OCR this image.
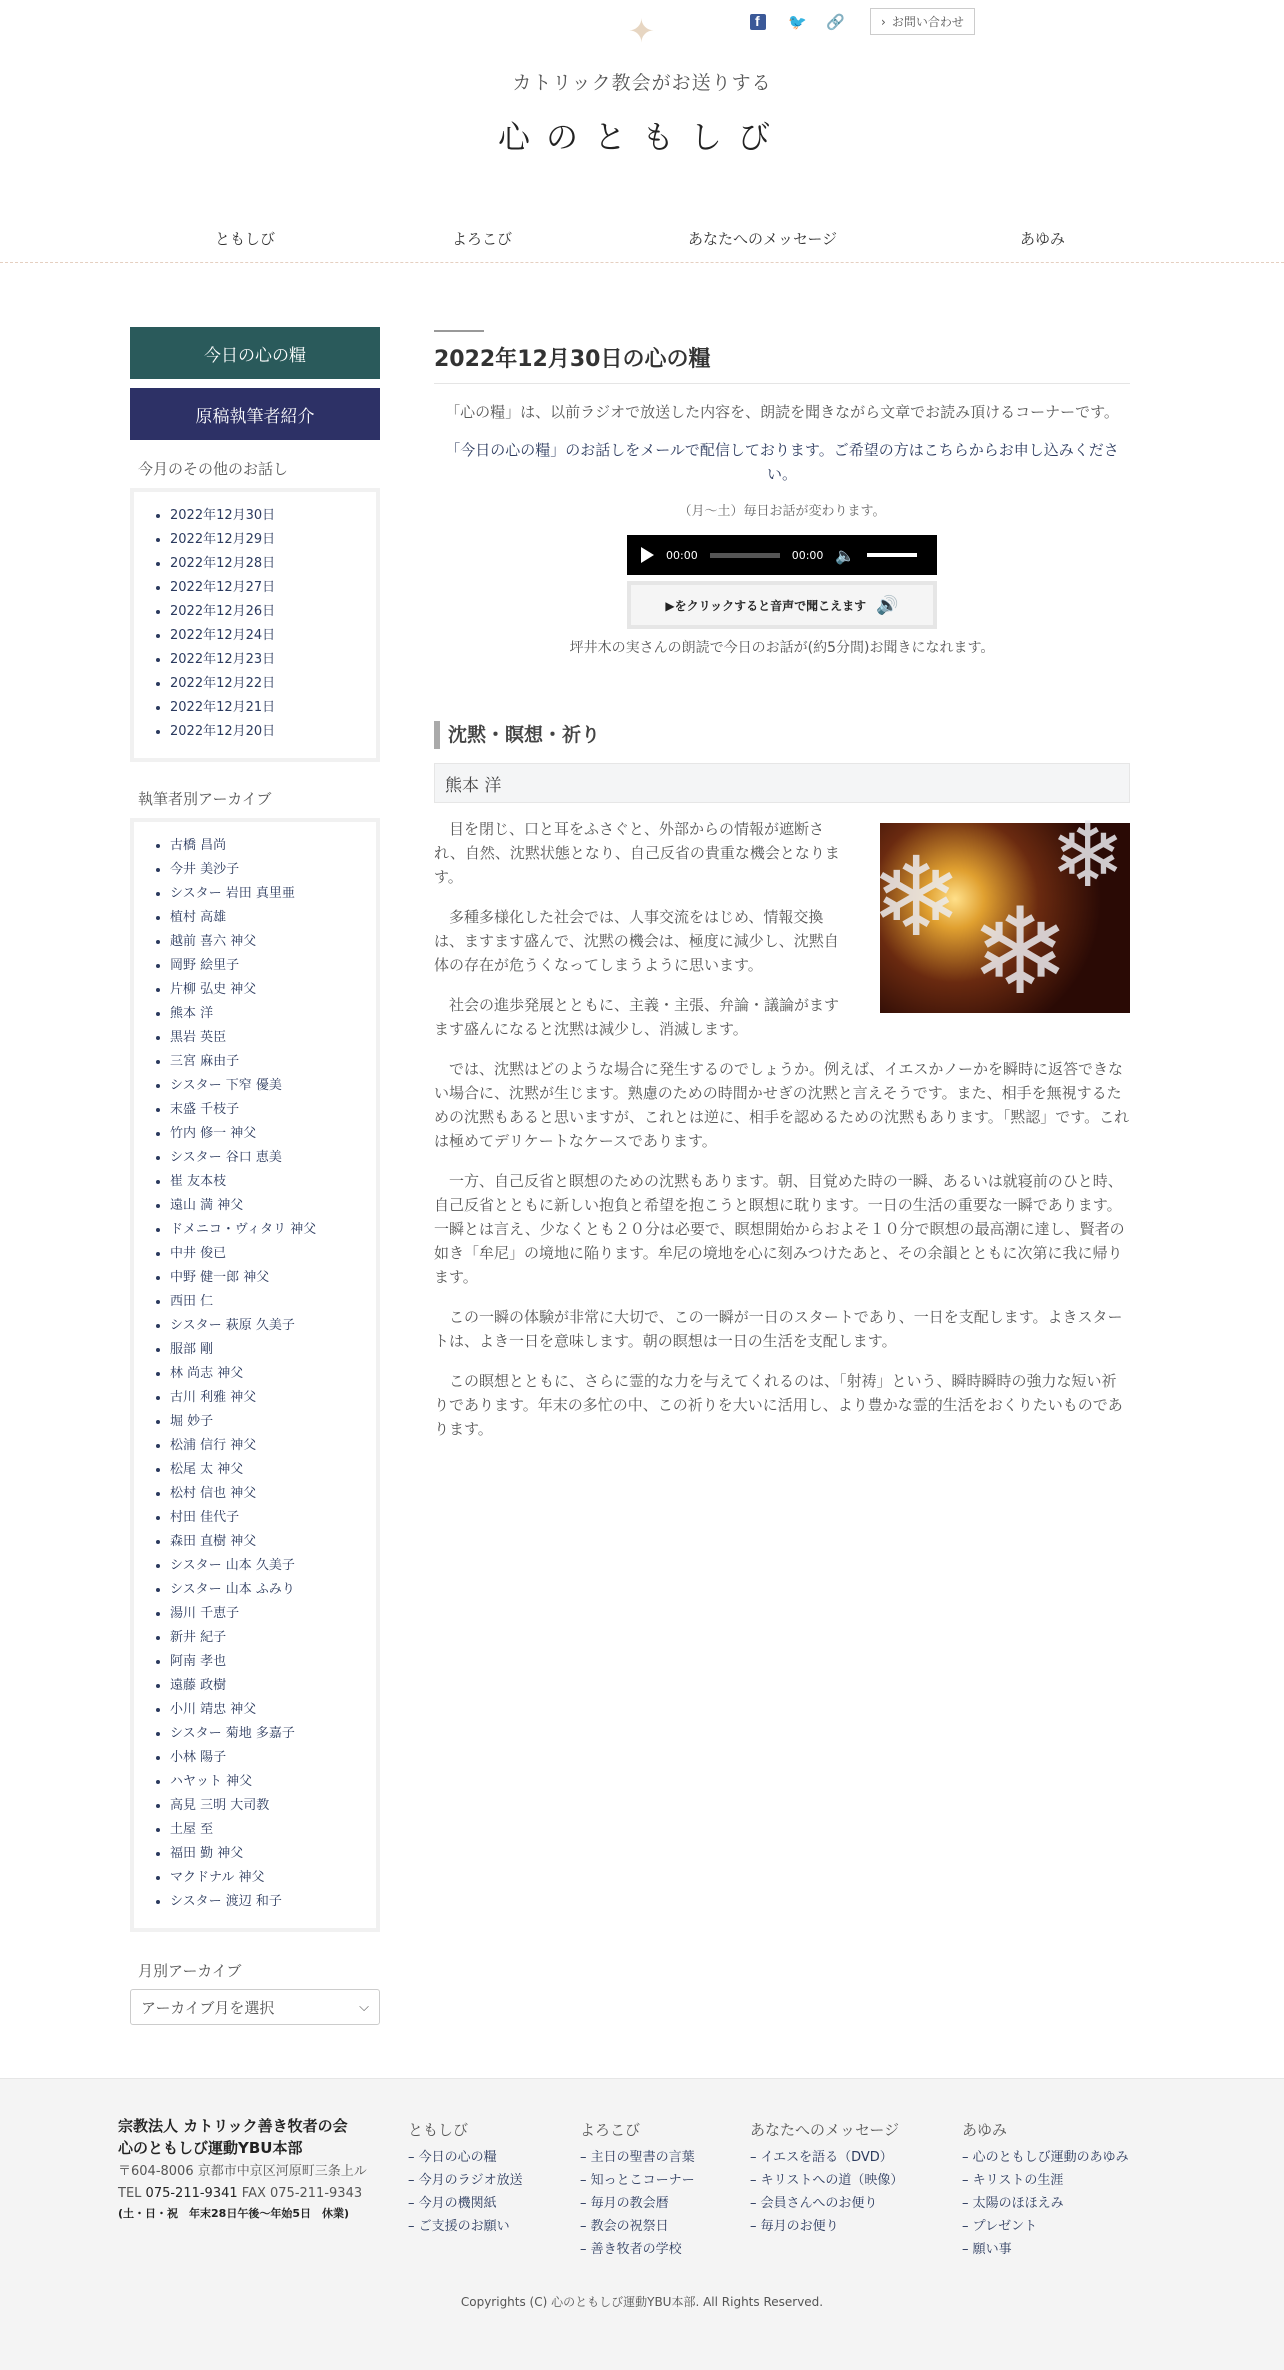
✦
f	🐦 🔗	› お問い合わせ
カトリック教会がお送りする
心のともしび
ともしび	よろこび	あなたへのメッセージ	あゆみ
今日の心の糧
原稿執筆者紹介
今月のその他のお話し
• 2022年12月30日
• 2022年12月29日
• 2022年12月28日
• 2022年12月27日
• 2022年12月26日
• 2022年12月24日
• 2022年12月23日
• 2022年12月22日
• 2022年12月21日
• 2022年12月20日
執筆者別アーカイブ
• 古橋 昌尚
• 今井 美沙子
• シスター 岩田 真里亜
• 植村 高雄
• 越前 喜六 神父
• 岡野 絵里子
• 片柳 弘史 神父
• 熊本 洋
• 黒岩 英臣
• 三宮 麻由子
• シスター 下窄 優美
• 末盛 千枝子
• 竹内 修一 神父
• シスター 谷口 恵美
• 崔 友本枝
• 遠山 満 神父
• ドメニコ・ヴィタリ 神父
• 中井 俊已
• 中野 健一郎 神父
• 西田 仁
• シスター 萩原 久美子
• 服部 剛
• 林 尚志 神父
• 古川 利雅 神父
• 堀 妙子
• 松浦 信行 神父
• 松尾 太 神父
• 松村 信也 神父
• 村田 佳代子
• 森田 直樹 神父
• シスター 山本 久美子
• シスター 山本 ふみり
• 湯川 千恵子
• 新井 紀子
• 阿南 孝也
• 遠藤 政樹
• 小川 靖忠 神父
• シスター 菊地 多嘉子
• 小林 陽子
• ハヤット 神父
• 高見 三明 大司教
• 土屋 至
• 福田 勤 神父
• マクドナル 神父
• シスター 渡辺 和子
月別アーカイブ
アーカイブ月を選択	⌵
2022年12月30日の心の糧

「心の糧」は、以前ラジオで放送した内容を、朗読を聞きながら文章でお読み頂けるコーナーです。

「今日の心の糧」のお話しをメールで配信しております。ご希望の方はこちらからお申し込みください。

（月～土）毎日お話が変わります。

00:00	00:00 🔈
▶をクリックすると音声で聞こえます 🔊

坪井木の実さんの朗読で今日のお話が(約5分間)お聞きになれます。

沈黙・瞑想・祈り
熊本 洋
❄ ❄
❄

目を閉じ、口と耳をふさぐと、外部からの情報が遮断され、自然、沈黙状態となり、自己反省の貴重な機会となります。

多種多様化した社会では、人事交流をはじめ、情報交換は、ますます盛んで、沈黙の機会は、極度に減少し、沈黙自体の存在が危うくなってしまうように思います。

社会の進歩発展とともに、主義・主張、弁論・議論がますます盛んになると沈黙は減少し、消滅します。

では、沈黙はどのような場合に発生するのでしょうか。例えば、イエスかノーかを瞬時に返答できない場合に、沈黙が生じます。熟慮のための時間かせぎの沈黙と言えそうです。また、相手を無視するための沈黙もあると思いますが、これとは逆に、相手を認めるための沈黙もあります。「黙認」です。これは極めてデリケートなケースであります。

一方、自己反省と瞑想のための沈黙もあります。朝、目覚めた時の一瞬、あるいは就寝前のひと時、自己反省とともに新しい抱負と希望を抱こうと瞑想に耽ります。一日の生活の重要な一瞬であります。一瞬とは言え、少なくとも２０分は必要で、瞑想開始からおよそ１０分で瞑想の最高潮に達し、賢者の如き「牟尼」の境地に陥ります。牟尼の境地を心に刻みつけたあと、その余韻とともに次第に我に帰ります。

この一瞬の体験が非常に大切で、この一瞬が一日のスタートであり、一日を支配します。よきスタートは、よき一日を意味します。朝の瞑想は一日の生活を支配します。

この瞑想とともに、さらに霊的な力を与えてくれるのは、「射祷」という、瞬時瞬時の強力な短い祈りであります。年末の多忙の中、この祈りを大いに活用し、より豊かな霊的生活をおくりたいものであります。

宗教法人 カトリック善き牧者の会
心のともしび運動YBU本部
〒604-8006 京都市中京区河原町三条上ル
TEL 075-211-9341 FAX 075-211-9343
(土・日・祝　年末28日午後〜年始5日　休業)
ともしび
– 今日の心の糧
– 今月のラジオ放送
– 今月の機関紙
– ご支援のお願い
よろこび
– 主日の聖書の言葉
– 知っとこコーナー
– 毎月の教会暦
– 教会の祝祭日
– 善き牧者の学校
あなたへのメッセージ
– イエスを語る（DVD）
– キリストへの道（映像）
– 会員さんへのお便り
– 毎月のお便り
あゆみ
– 心のともしび運動のあゆみ
– キリストの生涯
– 太陽のほほえみ
– プレゼント
– 願い事
Copyrights (C) 心のともしび運動YBU本部. All Rights Reserved.
